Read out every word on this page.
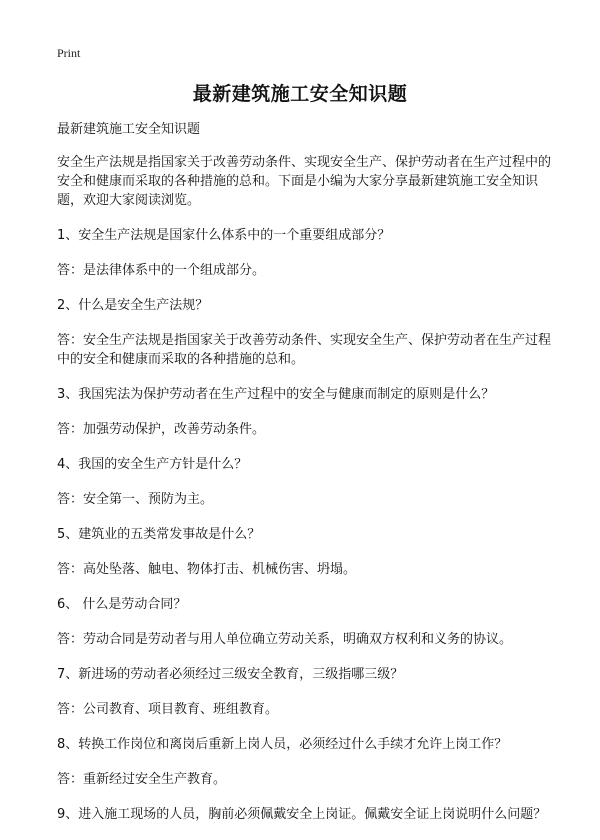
Print
最新建筑施工安全知识题

最新建筑施工安全知识题

安全生产法规是指国家关于改善劳动条件、实现安全生产、保护劳动者在生产过程中的安全和健康而采取的各种措施的总和。下面是小编为大家分享最新建筑施工安全知识题，欢迎大家阅读浏览。

1、安全生产法规是国家什么体系中的一个重要组成部分？

答：是法律体系中的一个组成部分。

2、什么是安全生产法规？

答：安全生产法规是指国家关于改善劳动条件、实现安全生产、保护劳动者在生产过程中的安全和健康而采取的各种措施的总和。

3、我国宪法为保护劳动者在生产过程中的安全与健康而制定的原则是什么？

答：加强劳动保护，改善劳动条件。

4、我国的安全生产方针是什么？

答：安全第一、预防为主。

5、建筑业的五类常发事故是什么？

答：高处坠落、触电、物体打击、机械伤害、坍塌。

6、 什么是劳动合同？

答：劳动合同是劳动者与用人单位确立劳动关系，明确双方权利和义务的协议。

7、新进场的劳动者必须经过三级安全教育，三级指哪三级？

答：公司教育、项目教育、班组教育。

8、转换工作岗位和离岗后重新上岗人员，必须经过什么手续才允许上岗工作？

答：重新经过安全生产教育。

9、进入施工现场的人员，胸前必须佩戴安全上岗证。佩戴安全证上岗说明什么问题？
